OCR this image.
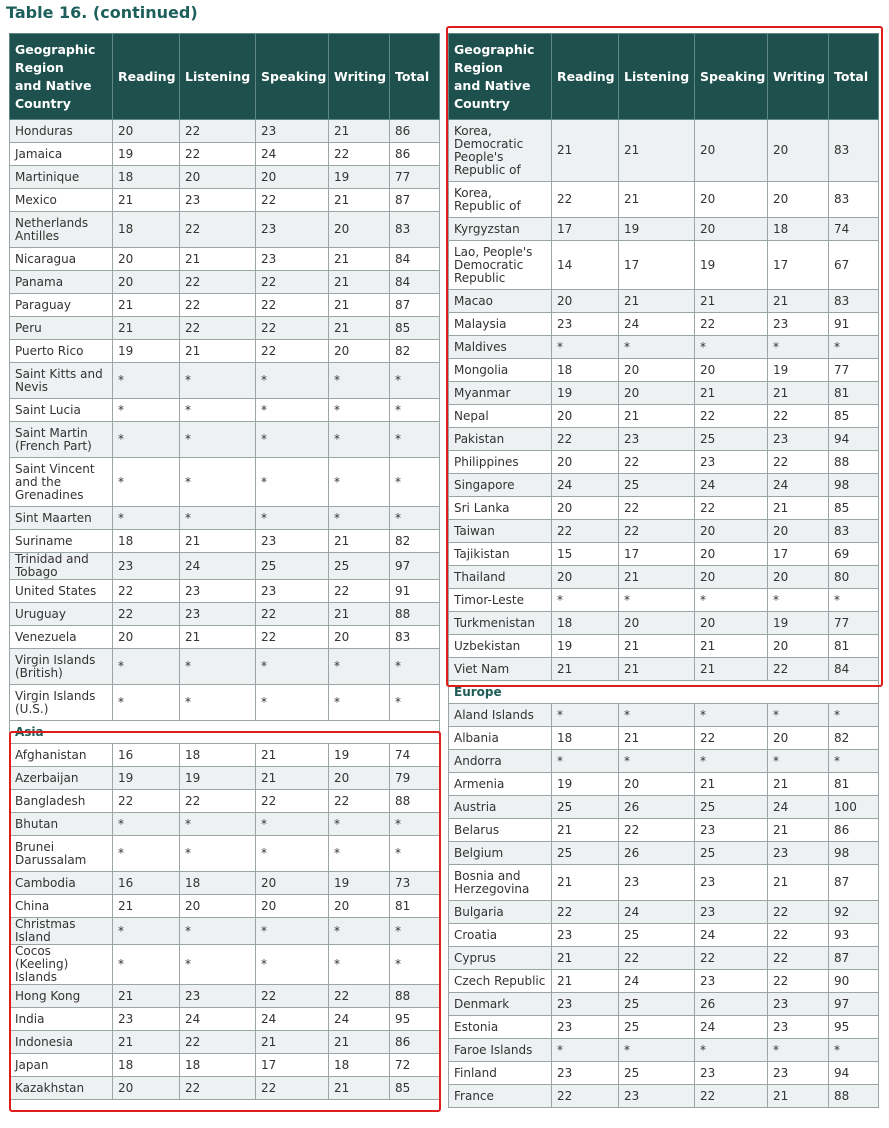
Table 16. (continued)
Geographic
Region
and Native
Country	Reading	Listening	Speaking	Writing	Total
Honduras	20	22	23	21	86
Jamaica	19	22	24	22	86
Martinique	18	20	20	19	77
Mexico	21	23	22	21	87
Netherlands Antilles	18	22	23	20	83
Nicaragua	20	21	23	21	84
Panama	20	22	22	21	84
Paraguay	21	22	22	21	87
Peru	21	22	22	21	85
Puerto Rico	19	21	22	20	82
Saint Kitts and Nevis	*	*	*	*	*
Saint Lucia	*	*	*	*	*
Saint Martin (French Part)	*	*	*	*	*
Saint Vincent and the Grenadines	*	*	*	*	*
Sint Maarten	*	*	*	*	*
Suriname	18	21	23	21	82
Trinidad and Tobago	23	24	25	25	97
United States	22	23	23	22	91
Uruguay	22	23	22	21	88
Venezuela	20	21	22	20	83
Virgin Islands (British)	*	*	*	*	*
Virgin Islands (U.S.)	*	*	*	*	*
Asia					
Afghanistan	16	18	21	19	74
Azerbaijan	19	19	21	20	79
Bangladesh	22	22	22	22	88
Bhutan	*	*	*	*	*
Brunei Darussalam	*	*	*	*	*
Cambodia	16	18	20	19	73
China	21	20	20	20	81
Christmas Island	*	*	*	*	*
Cocos (Keeling) Islands	*	*	*	*	*
Hong Kong	21	23	22	22	88
India	23	24	24	24	95
Indonesia	21	22	21	21	86
Japan	18	18	17	18	72
Kazakhstan	20	22	22	21	85
Geographic
Region
and Native
Country	Reading	Listening	Speaking	Writing	Total
Korea, Democratic People's Republic of	21	21	20	20	83
Korea, Republic of	22	21	20	20	83
Kyrgyzstan	17	19	20	18	74
Lao, People's Democratic Republic	14	17	19	17	67
Macao	20	21	21	21	83
Malaysia	23	24	22	23	91
Maldives	*	*	*	*	*
Mongolia	18	20	20	19	77
Myanmar	19	20	21	21	81
Nepal	20	21	22	22	85
Pakistan	22	23	25	23	94
Philippines	20	22	23	22	88
Singapore	24	25	24	24	98
Sri Lanka	20	22	22	21	85
Taiwan	22	22	20	20	83
Tajikistan	15	17	20	17	69
Thailand	20	21	20	20	80
Timor-Leste	*	*	*	*	*
Turkmenistan	18	20	20	19	77
Uzbekistan	19	21	21	20	81
Viet Nam	21	21	21	22	84
Europe					
Aland Islands	*	*	*	*	*
Albania	18	21	22	20	82
Andorra	*	*	*	*	*
Armenia	19	20	21	21	81
Austria	25	26	25	24	100
Belarus	21	22	23	21	86
Belgium	25	26	25	23	98
Bosnia and Herzegovina	21	23	23	21	87
Bulgaria	22	24	23	22	92
Croatia	23	25	24	22	93
Cyprus	21	22	22	22	87
Czech Republic	21	24	23	22	90
Denmark	23	25	26	23	97
Estonia	23	25	24	23	95
Faroe Islands	*	*	*	*	*
Finland	23	25	23	23	94
France	22	23	22	21	88
